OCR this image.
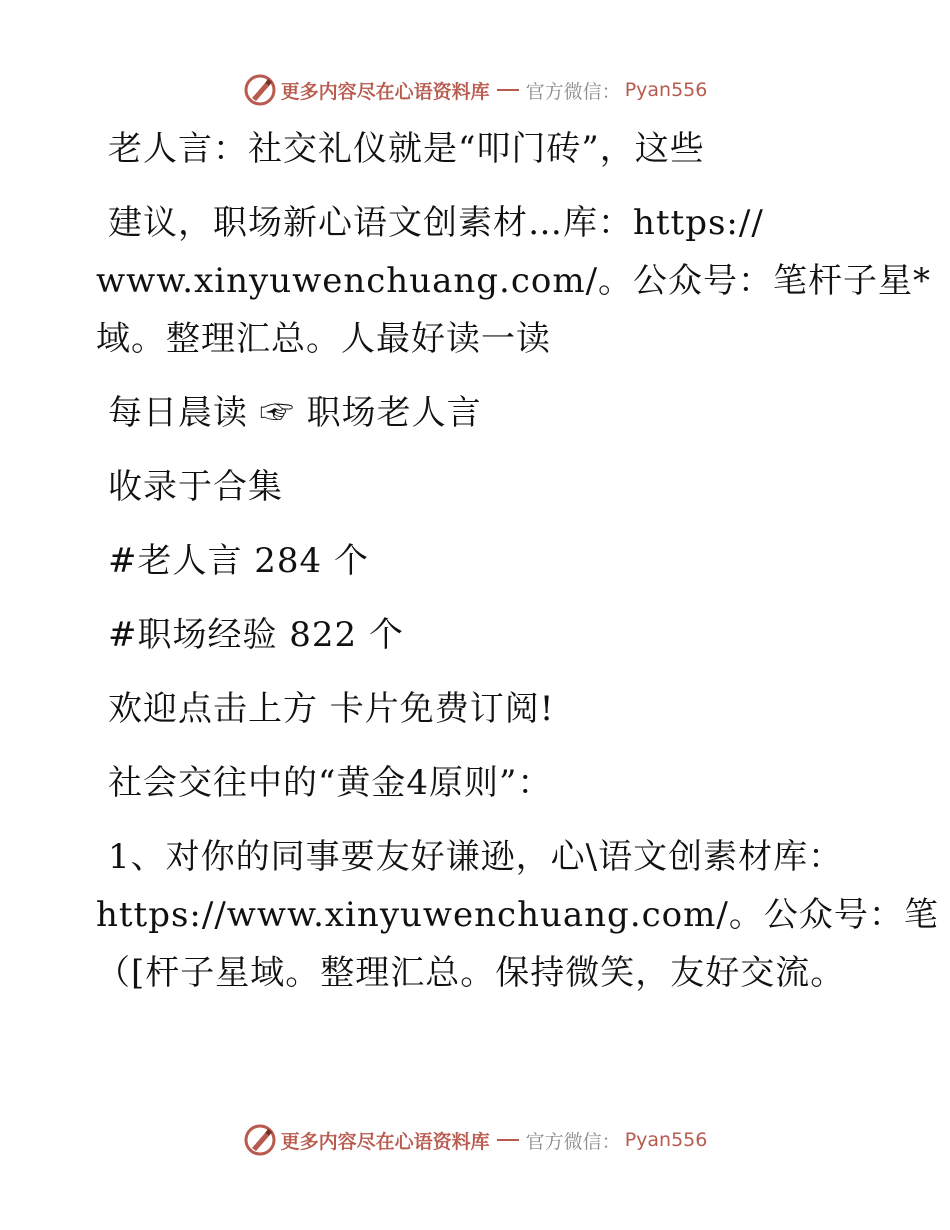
更多内容尽在心语资料库 官方微信： Pyan556
老人言：社交礼仪就是“叩门砖”，这些
建议，职场新心语文创素材…库：https://
www.xinyuwenchuang.com/。公众号：笔杆子星*
域。整理汇总。人最好读一读
每日晨读 ☞ 职场老人言
收录于合集
#老人言 284 个
#职场经验 822 个
欢迎点击上方 卡片免费订阅!
社会交往中的“黄金4原则”：
1、对你的同事要友好谦逊，心\语文创素材库：
https://www.xinyuwenchuang.com/。公众号：笔
（[杆子星域。整理汇总。保持微笑，友好交流。
更多内容尽在心语资料库 官方微信： Pyan556
